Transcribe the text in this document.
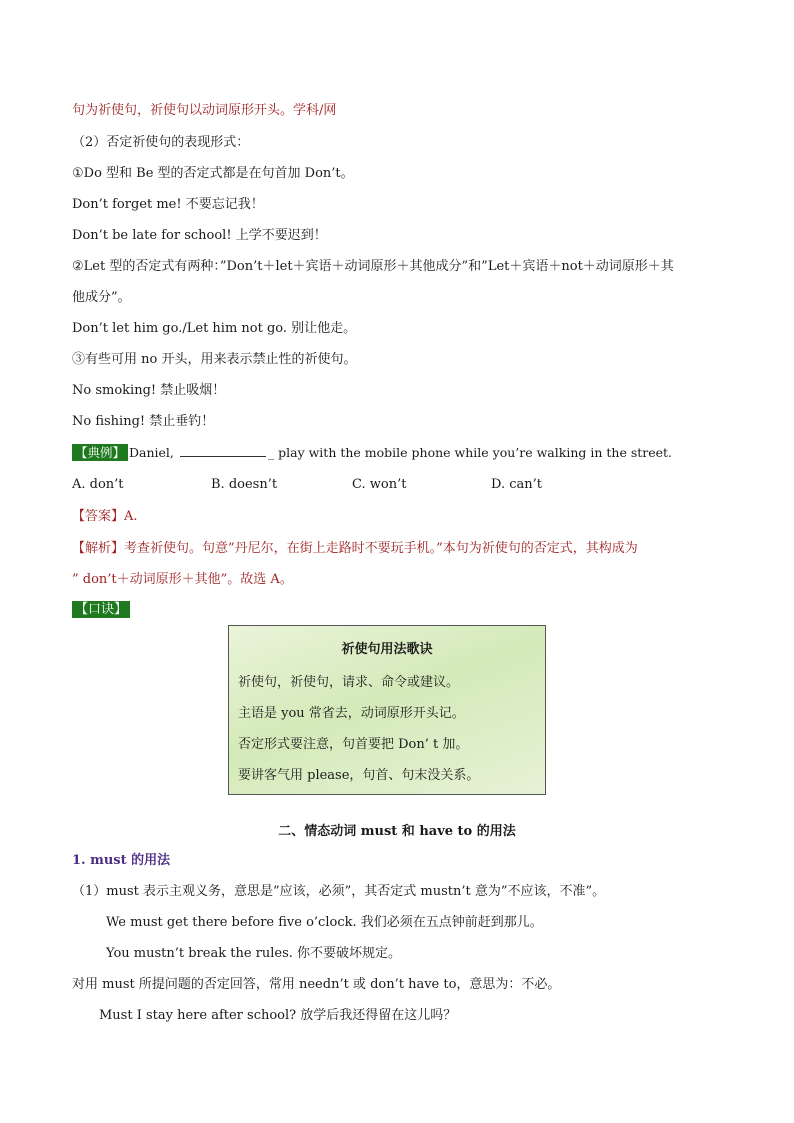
句为祈使句，祈使句以动词原形开头。学科/网
（2）否定祈使句的表现形式：
①Do 型和 Be 型的否定式都是在句首加 Don’t。
Don’t forget me! 不要忘记我！
Don’t be late for school! 上学不要迟到！
②Let 型的否定式有两种：”Don’t＋let＋宾语＋动词原形＋其他成分”和”Let＋宾语＋not＋动词原形＋其
他成分”。
Don’t let him go./Let him not go. 别让他走。
③有些可用 no 开头，用来表示禁止性的祈使句。
No smoking! 禁止吸烟！
No fishing! 禁止垂钓！
【典例】 Daniel,	_ play with the mobile phone while you’re walking in the street.
A. don’t	B. doesn’t	C. won’t	D. can’t
【答案】A.
【解析】考查祈使句。句意”丹尼尔，在街上走路时不要玩手机。”本句为祈使句的否定式，其构成为
” don’t＋动词原形＋其他”。故选 A。
【口诀】
祈使句用法歌诀
祈使句，祈使句，请求、命令或建议。
主语是 you 常省去，动词原形开头记。
否定形式要注意，句首要把 Don’ t 加。
要讲客气用 please，句首、句末没关系。
二、情态动词 must 和 have to 的用法
1. must 的用法
（1）must 表示主观义务，意思是”应该，必须”，其否定式 mustn’t 意为”不应该，不准”。
We must get there before five o’clock. 我们必须在五点钟前赶到那儿。
You mustn’t break the rules. 你不要破坏规定。
对用 must 所提问题的否定回答，常用 needn’t 或 don’t have to，意思为：不必。
Must I stay here after school? 放学后我还得留在这儿吗？
